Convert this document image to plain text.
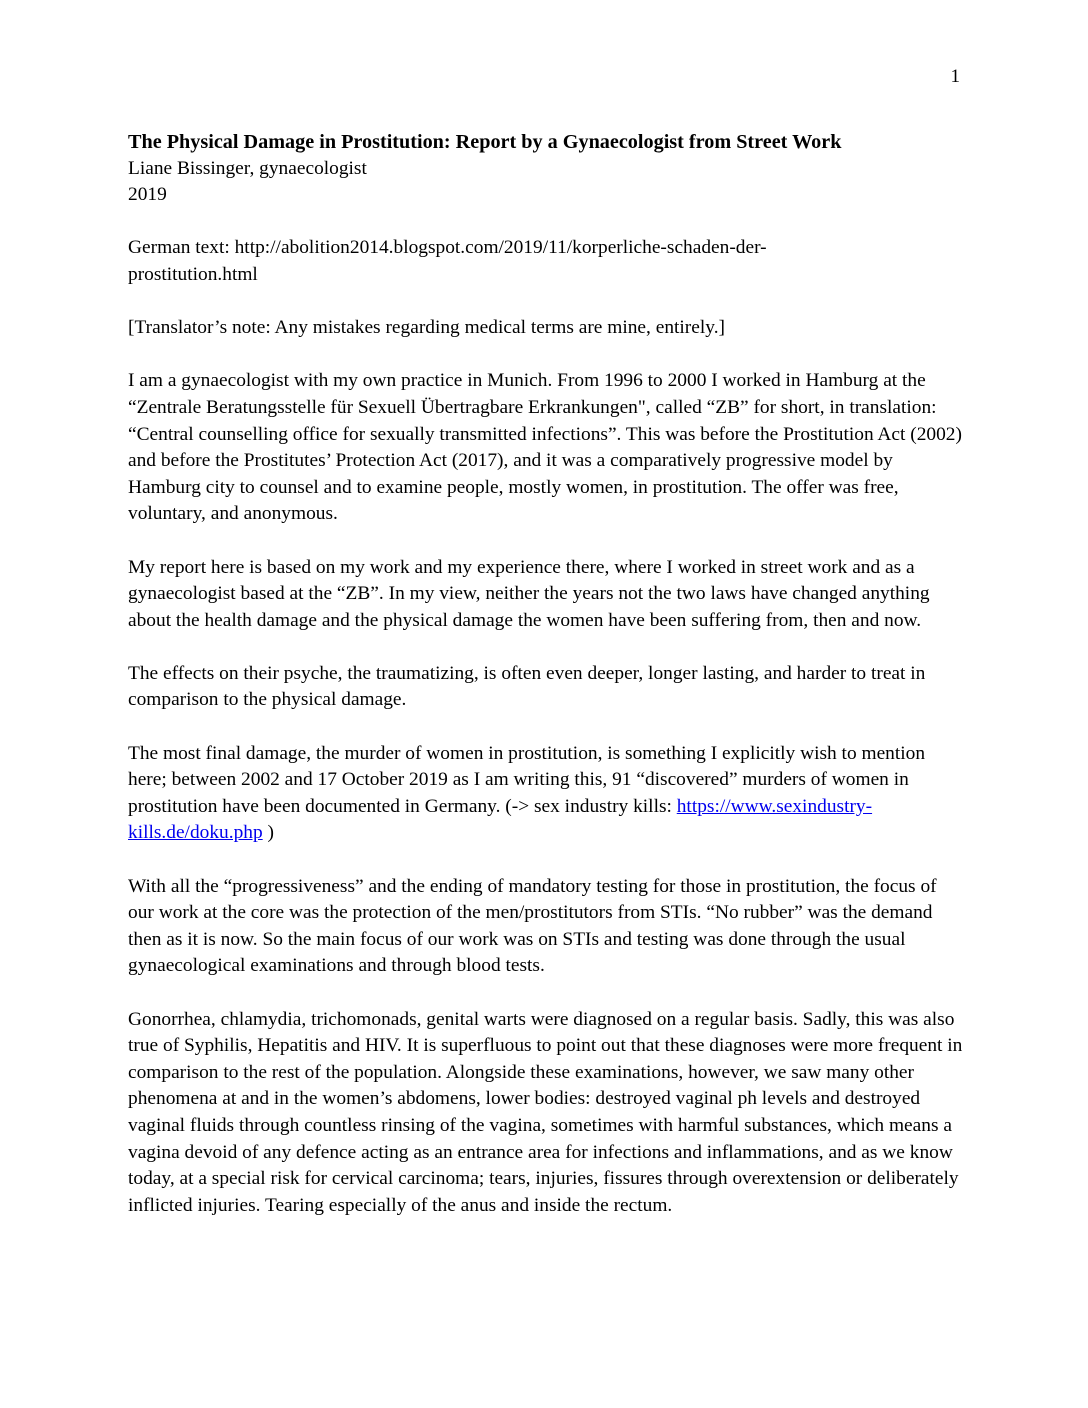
1
The Physical Damage in Prostitution: Report by a Gynaecologist from Street Work
Liane Bissinger, gynaecologist
2019

German text: http://abolition2014.blogspot.com/2019/11/korperliche-schaden-der-prostitution.html

[Translator’s note: Any mistakes regarding medical terms are mine, entirely.]

I am a gynaecologist with my own practice in Munich. From 1996 to 2000 I worked in Hamburg at the “Zentrale Beratungsstelle für Sexuell Übertragbare Erkrankungen", called “ZB” for short, in translation: “Central counselling office for sexually transmitted infections”. This was before the Prostitution Act (2002) and before the Prostitutes’ Protection Act (2017), and it was a comparatively progressive model by Hamburg city to counsel and to examine people, mostly women, in prostitution. The offer was free, voluntary, and anonymous.

My report here is based on my work and my experience there, where I worked in street work and as a gynaecologist based at the “ZB”. In my view, neither the years not the two laws have changed anything about the health damage and the physical damage the women have been suffering from, then and now.

The effects on their psyche, the traumatizing, is often even deeper, longer lasting, and harder to treat in comparison to the physical damage.

The most final damage, the murder of women in prostitution, is something I explicitly wish to mention here; between 2002 and 17 October 2019 as I am writing this, 91 “discovered” murders of women in prostitution have been documented in Germany. (-> sex industry kills: https://www.sexindustry-kills.de/doku.php )

With all the “progressiveness” and the ending of mandatory testing for those in prostitution, the focus of our work at the core was the protection of the men/prostitutors from STIs. “No rubber” was the demand then as it is now. So the main focus of our work was on STIs and testing was done through the usual gynaecological examinations and through blood tests.

Gonorrhea, chlamydia, trichomonads, genital warts were diagnosed on a regular basis. Sadly, this was also true of Syphilis, Hepatitis and HIV. It is superfluous to point out that these diagnoses were more frequent in comparison to the rest of the population. Alongside these examinations, however, we saw many other phenomena at and in the women’s abdomens, lower bodies: destroyed vaginal ph levels and destroyed vaginal fluids through countless rinsing of the vagina, sometimes with harmful substances, which means a vagina devoid of any defence acting as an entrance area for infections and inflammations, and as we know today, at a special risk for cervical carcinoma; tears, injuries, fissures through overextension or deliberately inflicted injuries. Tearing especially of the anus and inside the rectum.
